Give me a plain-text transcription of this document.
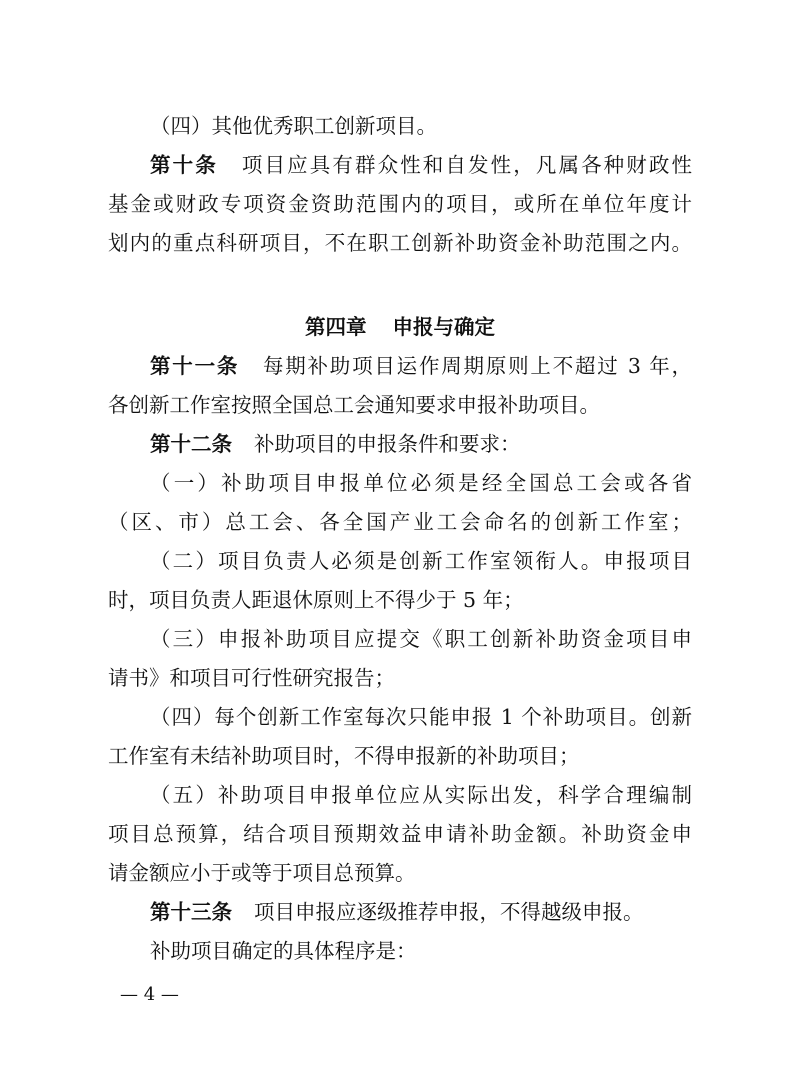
（四）其他优秀职工创新项目。
第十条 项目应具有群众性和自发性，凡属各种财政性
基金或财政专项资金资助范围内的项目，或所在单位年度计
划内的重点科研项目，不在职工创新补助资金补助范围之内。
第四章 申报与确定
第十一条 每期补助项目运作周期原则上不超过 3 年，
各创新工作室按照全国总工会通知要求申报补助项目。
第十二条 补助项目的申报条件和要求：
（一）补助项目申报单位必须是经全国总工会或各省
（区、市）总工会、各全国产业工会命名的创新工作室；
（二）项目负责人必须是创新工作室领衔人。申报项目
时，项目负责人距退休原则上不得少于 5 年；
（三）申报补助项目应提交《职工创新补助资金项目申
请书》和项目可行性研究报告；
（四）每个创新工作室每次只能申报 1 个补助项目。创新
工作室有未结补助项目时，不得申报新的补助项目；
（五）补助项目申报单位应从实际出发，科学合理编制
项目总预算，结合项目预期效益申请补助金额。补助资金申
请金额应小于或等于项目总预算。
第十三条 项目申报应逐级推荐申报，不得越级申报。
补助项目确定的具体程序是：
— 4 —
